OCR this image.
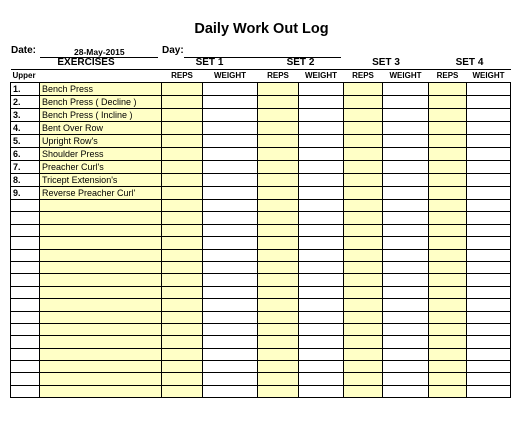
Daily Work Out Log
Date:	28-May-2015	Day:
EXERCISES		SET 1		SET 2		SET 3		SET 4	
Upper		REPS	WEIGHT	REPS	WEIGHT	REPS	WEIGHT	REPS	WEIGHT
1.	Bench Press								
2.	Bench Press ( Decline )								
3.	Bench Press ( Incline )								
4.	Bent Over Row								
5.	Upright Row's								
6.	Shoulder Press								
7.	Preacher Curl's								
8.	Tricept Extension's								
9.	Reverse Preacher Curl'								
